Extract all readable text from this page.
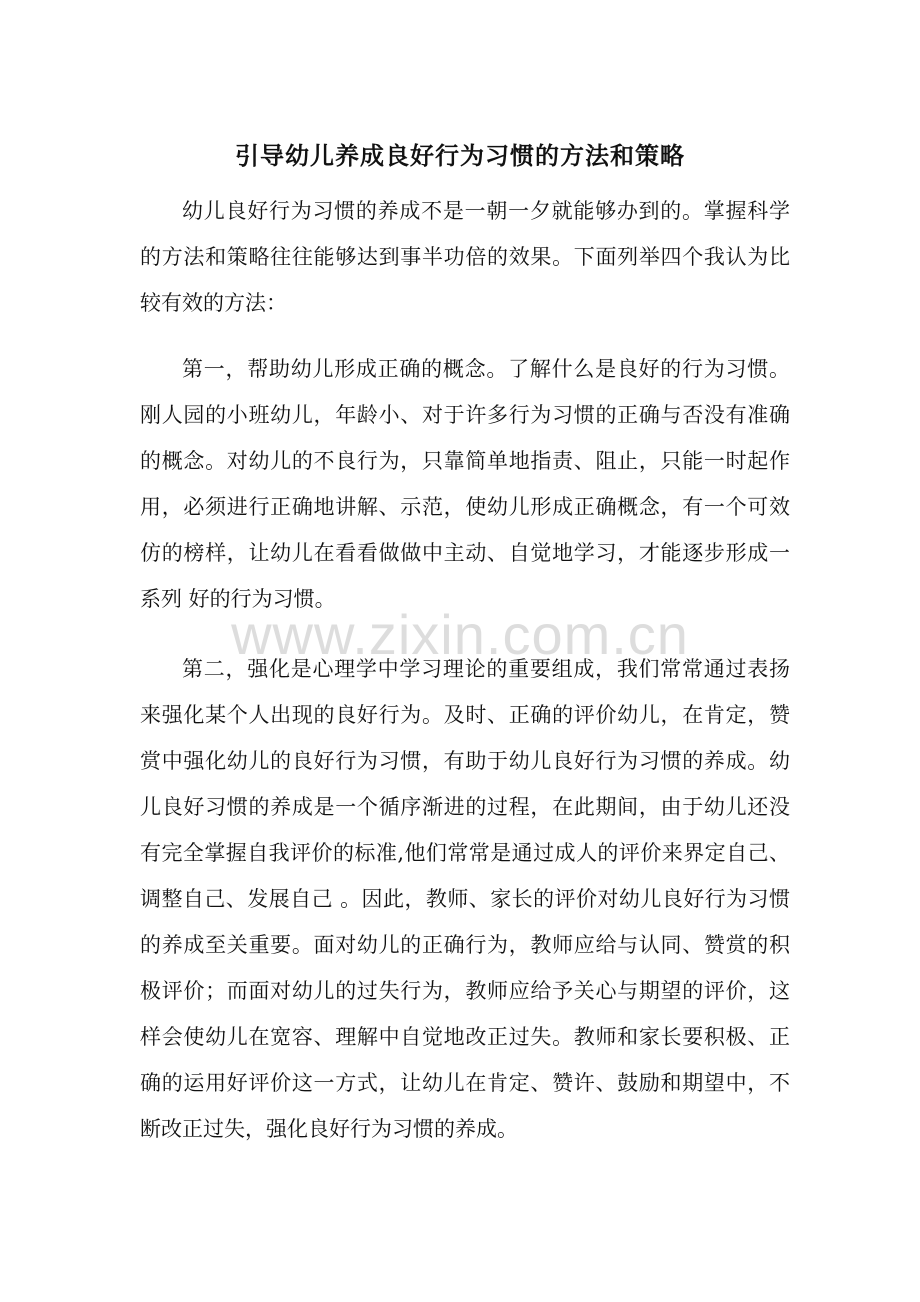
引导幼儿养成良好行为习惯的方法和策略

幼儿良好行为习惯的养成不是一朝一夕就能够办到的。掌握科学的方法和策略往往能够达到事半功倍的效果。下面列举四个我认为比较有效的方法：

第一，帮助幼儿形成正确的概念。了解什么是良好的行为习惯。刚人园的小班幼儿，年龄小、对于许多行为习惯的正确与否没有准确的概念。对幼儿的不良行为，只靠简单地指责、阻止，只能一时起作用，必须进行正确地讲解、示范，使幼儿形成正确概念，有一个可效仿的榜样，让幼儿在看看做做中主动、自觉地学习，才能逐步形成一系列 好的行为习惯。

第二，强化是心理学中学习理论的重要组成，我们常常通过表扬来强化某个人出现的良好行为。及时、正确的评价幼儿，在肯定，赞赏中强化幼儿的良好行为习惯，有助于幼儿良好行为习惯的养成。幼儿良好习惯的养成是一个循序渐进的过程，在此期间，由于幼儿还没有完全掌握自我评价的标准,他们常常是通过成人的评价来界定自己、调整自己、发展自己 。因此，教师、家长的评价对幼儿良好行为习惯的养成至关重要。面对幼儿的正确行为，教师应给与认同、赞赏的积极评价；而面对幼儿的过失行为，教师应给予关心与期望的评价，这样会使幼儿在宽容、理解中自觉地改正过失。教师和家长要积极、正确的运用好评价这一方式，让幼儿在肯定、赞许、鼓励和期望中，不断改正过失，强化良好行为习惯的养成。

www.zixin.com.cn
